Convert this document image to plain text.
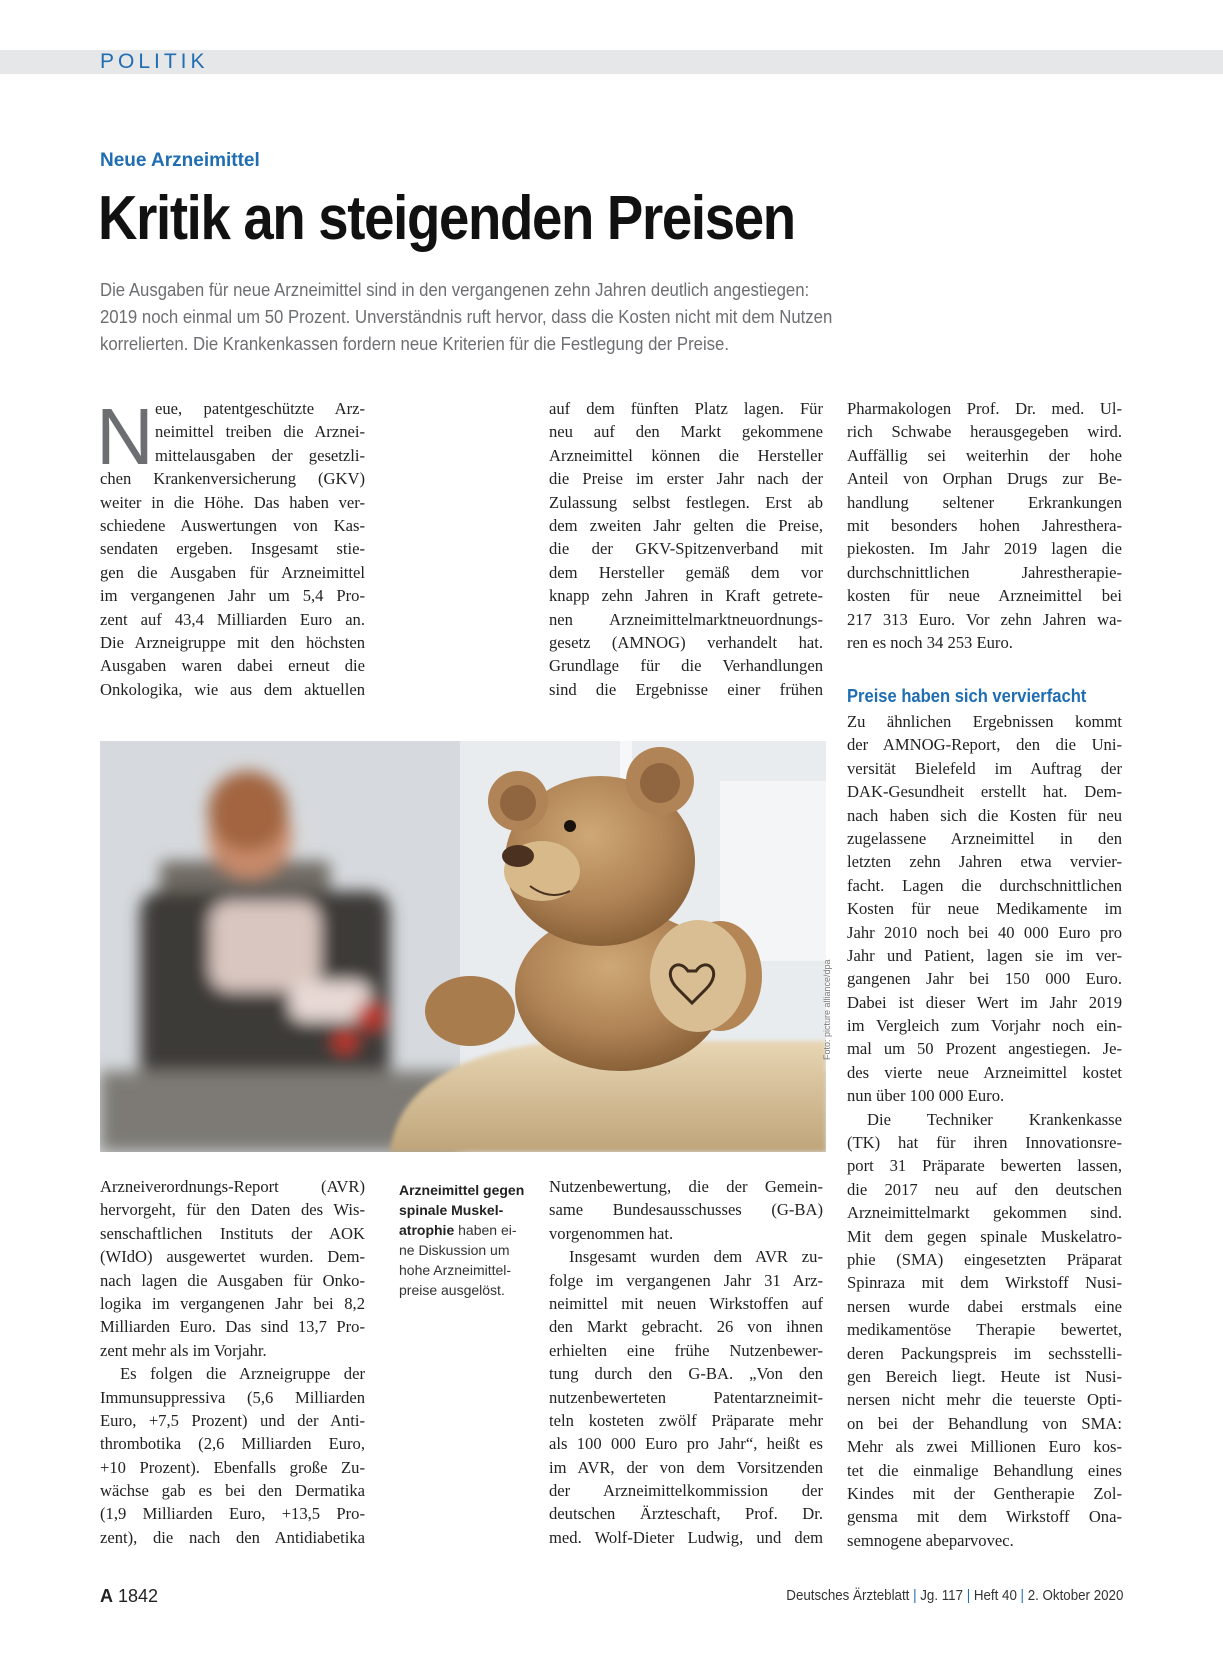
POLITIK
Neue Arzneimittel
Kritik an steigenden Preisen
Die Ausgaben für neue Arzneimittel sind in den vergangenen zehn Jahren deutlich angestiegen:
2019 noch einmal um 50 Prozent. Unverständnis ruft hervor, dass die Kosten nicht mit dem Nutzen
korrelierten. Die Krankenkassen fordern neue Kriterien für die Festlegung der Preise.
N eue, patentgeschützte Arz-
neimittel treiben die Arznei-
mittelausgaben der gesetzli-
chen Krankenversicherung (GKV)
weiter in die Höhe. Das haben ver-
schiedene Auswertungen von Kas-
sendaten ergeben. Insgesamt stie-
gen die Ausgaben für Arzneimittel
im vergangenen Jahr um 5,4 Pro-
zent auf 43,4 Milliarden Euro an.
Die Arzneigruppe mit den höchsten
Ausgaben waren dabei erneut die
Onkologika, wie aus dem aktuellen
auf dem fünften Platz lagen. Für
neu auf den Markt gekommene
Arzneimittel können die Hersteller
die Preise im erster Jahr nach der
Zulassung selbst festlegen. Erst ab
dem zweiten Jahr gelten die Preise,
die der GKV-Spitzenverband mit
dem Hersteller gemäß dem vor
knapp zehn Jahren in Kraft getrete-
nen Arzneimittelmarktneuordnungs-
gesetz (AMNOG) verhandelt hat.
Grundlage für die Verhandlungen
sind die Ergebnisse einer frühen
Pharmakologen Prof. Dr. med. Ul-
rich Schwabe herausgegeben wird.
Auffällig sei weiterhin der hohe
Anteil von Orphan Drugs zur Be-
handlung seltener Erkrankungen
mit besonders hohen Jahresthera-
piekosten. Im Jahr 2019 lagen die
durchschnittlichen Jahrestherapie-
kosten für neue Arzneimittel bei
217 313 Euro. Vor zehn Jahren wa-
ren es noch 34 253 Euro.
Preise haben sich vervierfacht
Zu ähnlichen Ergebnissen kommt
der AMNOG-Report, den die Uni-
versität Bielefeld im Auftrag der
DAK-Gesundheit erstellt hat. Dem-
nach haben sich die Kosten für neu
zugelassene Arzneimittel in den
letzten zehn Jahren etwa vervier-
facht. Lagen die durchschnittlichen
Kosten für neue Medikamente im
Jahr 2010 noch bei 40 000 Euro pro
Jahr und Patient, lagen sie im ver-
gangenen Jahr bei 150 000 Euro.
Dabei ist dieser Wert im Jahr 2019
im Vergleich zum Vorjahr noch ein-
mal um 50 Prozent angestiegen. Je-
des vierte neue Arzneimittel kostet
nun über 100 000 Euro.
Die Techniker Krankenkasse
(TK) hat für ihren Innovationsre-
port 31 Präparate bewerten lassen,
die 2017 neu auf den deutschen
Arzneimittelmarkt gekommen sind.
Mit dem gegen spinale Muskelatro-
phie (SMA) eingesetzten Präparat
Spinraza mit dem Wirkstoff Nusi-
nersen wurde dabei erstmals eine
medikamentöse Therapie bewertet,
deren Packungspreis im sechsstelli-
gen Bereich liegt. Heute ist Nusi-
nersen nicht mehr die teuerste Opti-
on bei der Behandlung von SMA:
Mehr als zwei Millionen Euro kos-
tet die einmalige Behandlung eines
Kindes mit der Gentherapie Zol-
gensma mit dem Wirkstoff Ona-
semnogene abeparvovec.
Foto: picture alliance/dpa
Arzneiverordnungs-Report (AVR)
hervorgeht, für den Daten des Wis-
senschaftlichen Instituts der AOK
(WIdO) ausgewertet wurden. Dem-
nach lagen die Ausgaben für Onko-
logika im vergangenen Jahr bei 8,2
Milliarden Euro. Das sind 13,7 Pro-
zent mehr als im Vorjahr.
Es folgen die Arzneigruppe der
Immunsuppressiva (5,6 Milliarden
Euro, +7,5 Prozent) und der Anti-
thrombotika (2,6 Milliarden Euro,
+10 Prozent). Ebenfalls große Zu-
wächse gab es bei den Dermatika
(1,9 Milliarden Euro, +13,5 Pro-
zent), die nach den Antidiabetika
Arzneimittel gegen spinale Muskel-atrophie haben ei-ne Diskussion um hohe Arzneimittel-preise ausgelöst.
Nutzenbewertung, die der Gemein-
same Bundesausschusses (G-BA)
vorgenommen hat.
Insgesamt wurden dem AVR zu-
folge im vergangenen Jahr 31 Arz-
neimittel mit neuen Wirkstoffen auf
den Markt gebracht. 26 von ihnen
erhielten eine frühe Nutzenbewer-
tung durch den G-BA. „Von den
nutzenbewerteten Patentarzneimit-
teln kosteten zwölf Präparate mehr
als 100 000 Euro pro Jahr“, heißt es
im AVR, der von dem Vorsitzenden
der Arzneimittelkommission der
deutschen Ärzteschaft, Prof. Dr.
med. Wolf-Dieter Ludwig, und dem
A 1842	Deutsches Ärzteblatt | Jg. 117 | Heft 40 | 2. Oktober 2020
